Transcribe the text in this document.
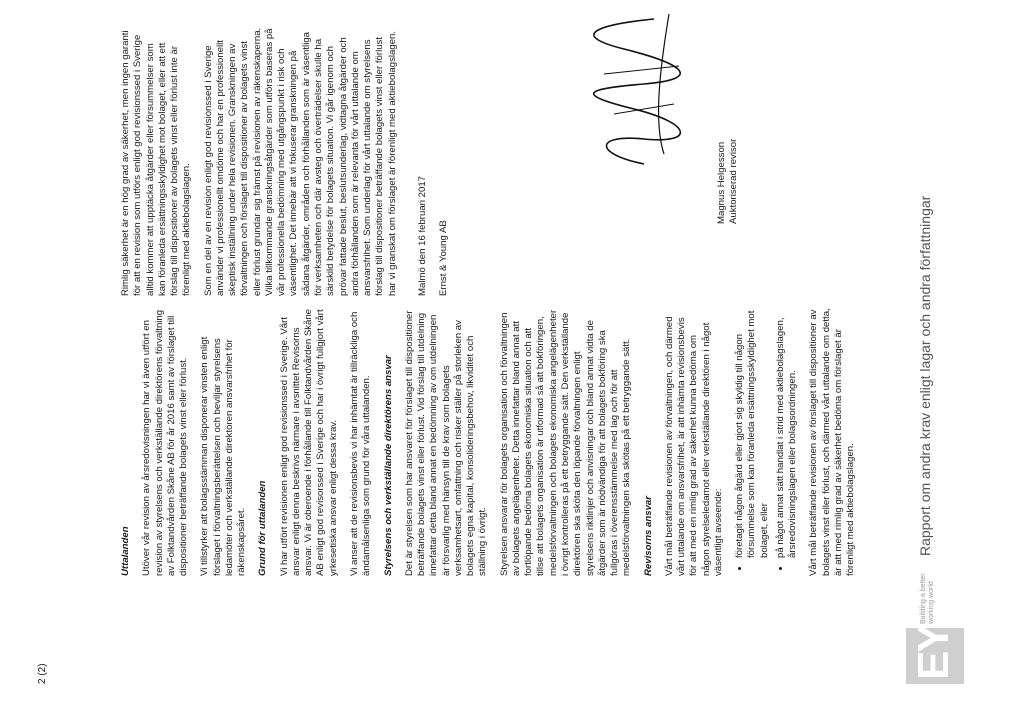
EY
Building a better working world
Rapport om andra krav enligt lagar och andra författningar

Uttalanden Utöver vår revision av årsredovisningen har vi även utfört en revision av styrelsens och verkställande direktörens förvaltning av Folktandvården Skåne AB för år 2016 samt av förslaget till dispositioner beträffande bolagets vinst eller förlust. Vi tillstyrker att bolagsstämman disponerar vinsten enligt förslaget i förvaltningsberättelsen och beviljar styrelsens ledamöter och verkställande direktören ansvarsfrihet för räkenskapsåret. Grund för uttalanden Vi har utfört revisionen enligt god revisionssed i Sverige. Vårt ansvar enligt denna beskrivs närmare i avsnittet Revisorns ansvar. Vi är oberoende i förhållande till Folktandvården Skåne AB enligt god revisorssed i Sverige och har i övrigt fullgjort vårt yrkesetiska ansvar enligt dessa krav. Vi anser att de revisionsbevis vi har inhämtat är tillräckliga och ändamålsenliga som grund för våra uttalanden. Styrelsens och verkställande direktörens ansvar Det är styrelsen som har ansvaret för förslaget till dispositioner beträffande bolagets vinst eller förlust. Vid förslag till utdelning innefattar detta bland annat en bedömning av om utdelningen är försvarlig med hänsyn till de krav som bolagets verksamhetsart, omfattning och risker ställer på storleken av bolagets egna kapital, konsolideringsbehov, likviditet och ställning i övrigt. Styrelsen ansvarar för bolagets organisation och förvaltningen av bolagets angelägenheter. Detta innefattar bland annat att fortlöpande bedöma bolagets ekonomiska situation och att tillse att bolagets organisation är utformad så att bokföringen, medelsförvaltningen och bolagets ekonomiska angelägenheter i övrigt kontrolleras på ett betryggande sätt. Den verkställande direktören ska sköta den löpande förvaltningen enligt styrelsens riktlinjer och anvisningar och bland annat vidta de åtgärder som är nödvändiga för att bolagets bokföring ska fullgöras i överensstämmelse med lag och för att medelsförvaltningen ska skötas på ett betryggande sätt. Revisorns ansvar Vårt mål beträffande revisionen av förvaltningen, och därmed vårt uttalande om ansvarsfrihet, är att inhämta revisionsbevis för att med en rimlig grad av säkerhet kunna bedöma om någon styrelseledamot eller verkställande direktören i något väsentligt avseende: • företagit någon åtgärd eller gjort sig skyldig till någon försummelse som kan föranleda ersättningsskyldighet mot bolaget, eller • på något annat sätt handlat i strid med aktiebolagslagen, årsredovisningslagen eller bolagsordningen. Vårt mål beträffande revisionen av förslaget till dispositioner av bolagets vinst eller förlust, och därmed vårt uttalande om detta, är att med rimlig grad av säkerhet bedöma om förslaget är förenligt med aktiebolagslagen.

Rimlig säkerhet är en hög grad av säkerhet, men ingen garanti för att en revision som utförs enligt god revisionssed i Sverige alltid kommer att upptäcka åtgärder eller försummelser som kan föranleda ersättningsskyldighet mot bolaget, eller att ett förslag till dispositioner av bolagets vinst eller förlust inte är förenligt med aktiebolagslagen. Som en del av en revision enligt god revisionssed i Sverige använder vi professionellt omdöme och har en professionellt skeptisk inställning under hela revisionen. Granskningen av förvaltningen och förslaget till dispositioner av bolagets vinst eller förlust grundar sig främst på revisionen av räkenskaperna. Vilka tillkommande granskningsåtgärder som utförs baseras på vår professionella bedömning med utgångspunkt i risk och väsentlighet. Det innebär att vi fokuserar granskningen på sådana åtgärder, områden och förhållanden som är väsentliga för verksamheten och där avsteg och överträdelser skulle ha särskild betydelse för bolagets situation. Vi går igenom och prövar fattade beslut, beslutsunderlag, vidtagna åtgärder och andra förhållanden som är relevanta för vårt uttalande om ansvarsfrihet. Som underlag för vårt uttalande om styrelsens förslag till dispositioner beträffande bolagets vinst eller förlust har vi granskat om förslaget är förenligt med aktiebolagslagen. Malmö den 16 februari 2017 Ernst & Young AB

Magnus Helgesson Auktoriserad revisor
2 (2)
